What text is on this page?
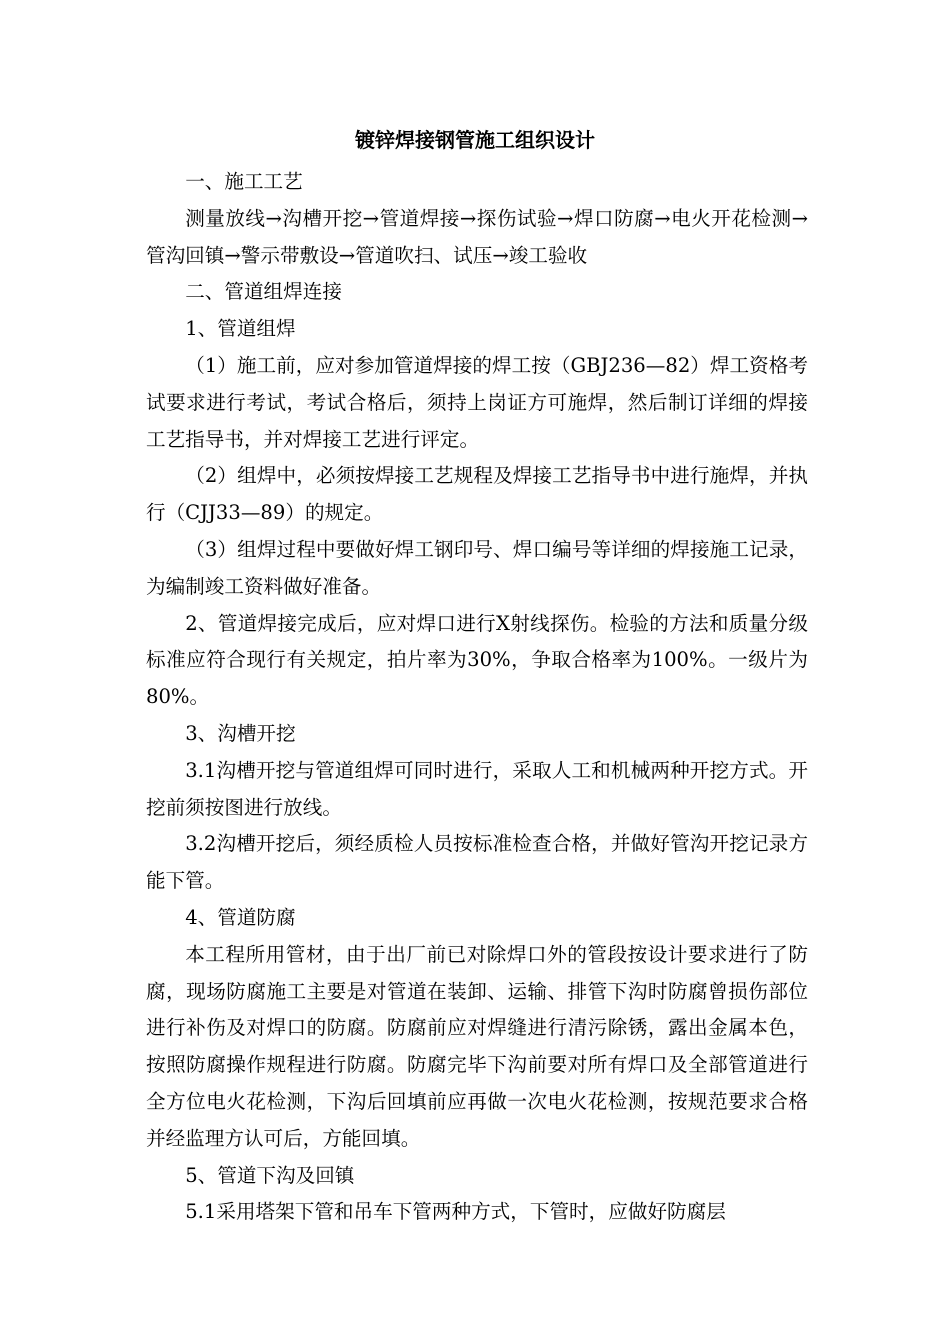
镀锌焊接钢管施工组织设计

一、施工工艺

测量放线→沟槽开挖→管道焊接→探伤试验→焊口防腐→电火开花检测→管沟回镇→警示带敷设→管道吹扫、试压→竣工验收

二、管道组焊连接

1、管道组焊

（1）施工前，应对参加管道焊接的焊工按（GBJ236—82）焊工资格考试要求进行考试，考试合格后，须持上岗证方可施焊，然后制订详细的焊接工艺指导书，并对焊接工艺进行评定。

（2）组焊中，必须按焊接工艺规程及焊接工艺指导书中进行施焊，并执行（CJJ33—89）的规定。

（3）组焊过程中要做好焊工钢印号、焊口编号等详细的焊接施工记录，为编制竣工资料做好准备。

2、管道焊接完成后，应对焊口进行X射线探伤。检验的方法和质量分级标准应符合现行有关规定，拍片率为30%，争取合格率为100%。一级片为80%。

3、沟槽开挖

3.1沟槽开挖与管道组焊可同时进行，采取人工和机械两种开挖方式。开挖前须按图进行放线。

3.2沟槽开挖后，须经质检人员按标准检查合格，并做好管沟开挖记录方能下管。

4、管道防腐

本工程所用管材，由于出厂前已对除焊口外的管段按设计要求进行了防腐，现场防腐施工主要是对管道在装卸、运输、排管下沟时防腐曾损伤部位进行补伤及对焊口的防腐。防腐前应对焊缝进行清污除锈，露出金属本色，按照防腐操作规程进行防腐。防腐完毕下沟前要对所有焊口及全部管道进行全方位电火花检测，下沟后回填前应再做一次电火花检测，按规范要求合格并经监理方认可后，方能回填。

5、管道下沟及回镇

5.1采用塔架下管和吊车下管两种方式，下管时，应做好防腐层
